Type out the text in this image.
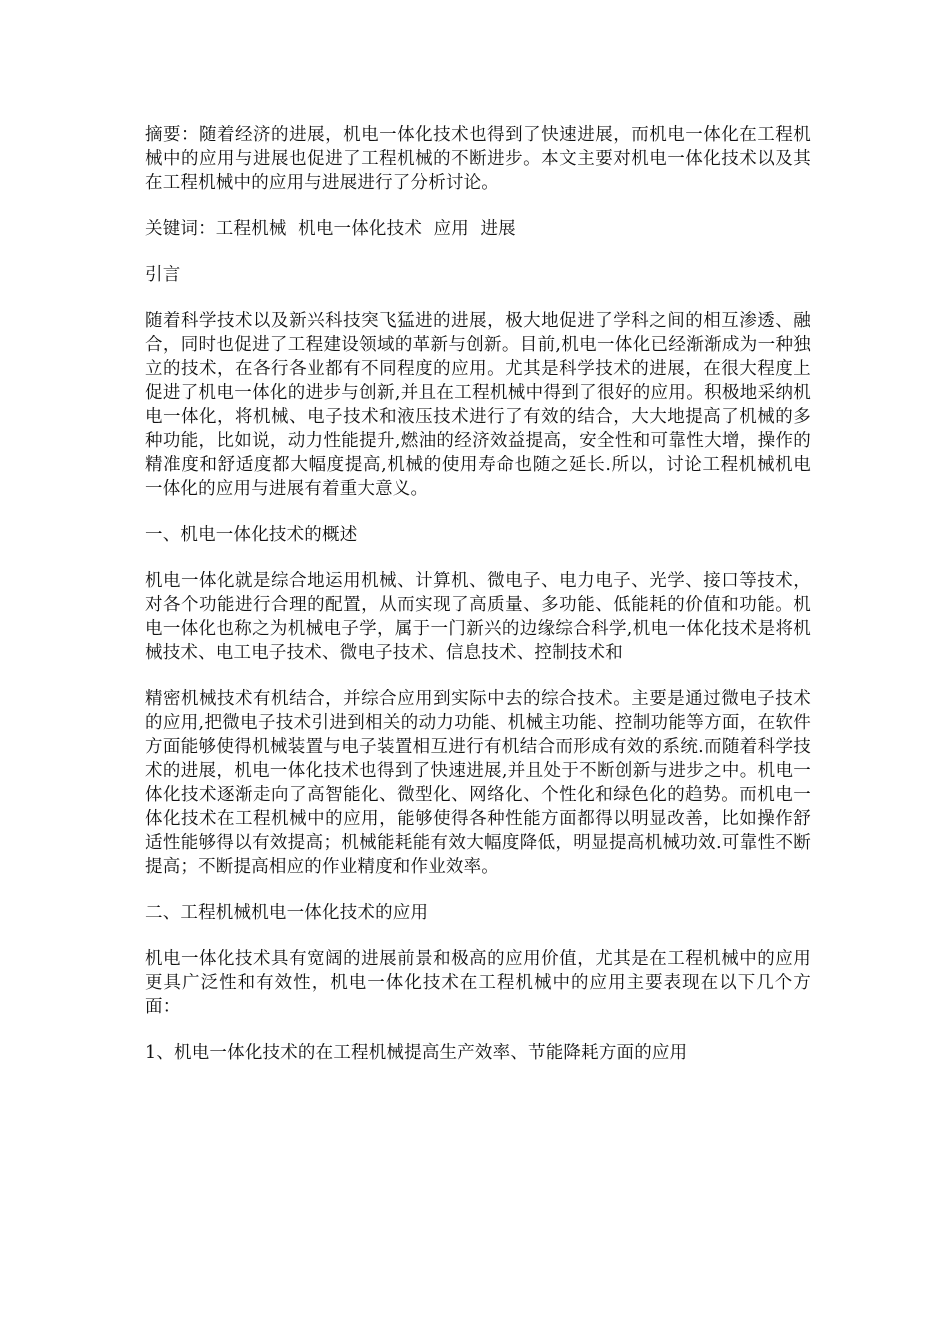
摘要：随着经济的进展，机电一体化技术也得到了快速进展，而机电一体化在工程机械中的应用与进展也促进了工程机械的不断进步。本文主要对机电一体化技术以及其在工程机械中的应用与进展进行了分析讨论。

关键词：工程机械  机电一体化技术  应用  进展

引言

随着科学技术以及新兴科技突飞猛进的进展，极大地促进了学科之间的相互渗透、融合，同时也促进了工程建设领域的革新与创新。目前,机电一体化已经渐渐成为一种独立的技术，在各行各业都有不同程度的应用。尤其是科学技术的进展，在很大程度上促进了机电一体化的进步与创新,并且在工程机械中得到了很好的应用。积极地采纳机电一体化，将机械、电子技术和液压技术进行了有效的结合，大大地提高了机械的多种功能，比如说，动力性能提升,燃油的经济效益提高，安全性和可靠性大增，操作的精准度和舒适度都大幅度提高,机械的使用寿命也随之延长.所以，讨论工程机械机电一体化的应用与进展有着重大意义。

一、机电一体化技术的概述

机电一体化就是综合地运用机械、计算机、微电子、电力电子、光学、接口等技术，对各个功能进行合理的配置，从而实现了高质量、多功能、低能耗的价值和功能。机电一体化也称之为机械电子学，属于一门新兴的边缘综合科学,机电一体化技术是将机械技术、电工电子技术、微电子技术、信息技术、控制技术和

精密机械技术有机结合，并综合应用到实际中去的综合技术。主要是通过微电子技术的应用,把微电子技术引进到相关的动力功能、机械主功能、控制功能等方面，在软件方面能够使得机械装置与电子装置相互进行有机结合而形成有效的系统.而随着科学技术的进展，机电一体化技术也得到了快速进展,并且处于不断创新与进步之中。机电一体化技术逐渐走向了高智能化、微型化、网络化、个性化和绿色化的趋势。而机电一体化技术在工程机械中的应用，能够使得各种性能方面都得以明显改善，比如操作舒适性能够得以有效提高；机械能耗能有效大幅度降低，明显提高机械功效.可靠性不断提高；不断提高相应的作业精度和作业效率。

二、工程机械机电一体化技术的应用

机电一体化技术具有宽阔的进展前景和极高的应用价值，尤其是在工程机械中的应用更具广泛性和有效性，机电一体化技术在工程机械中的应用主要表现在以下几个方面：

1、机电一体化技术的在工程机械提高生产效率、节能降耗方面的应用
